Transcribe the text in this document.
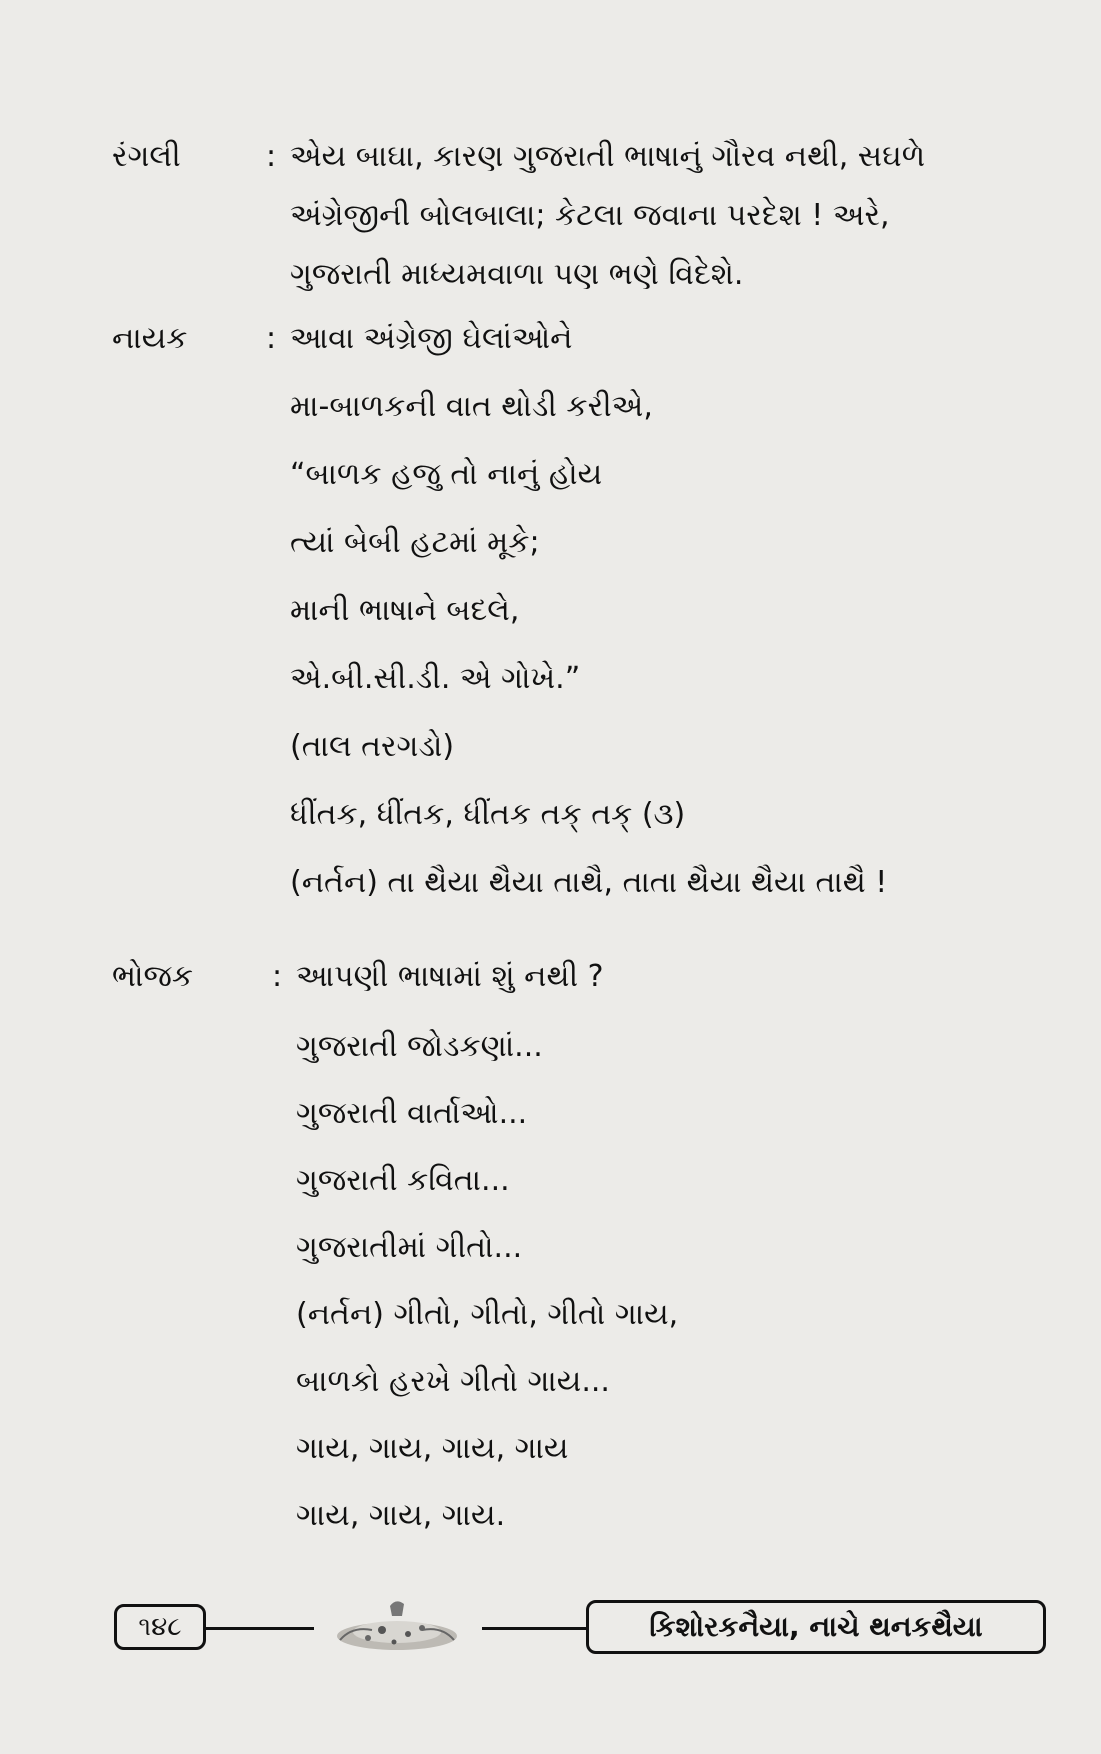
રંગલી	: એય બાઘા, કારણ ગુજરાતી ભાષાનું ગૌરવ નથી, સઘળે
અંગ્રેજીની બોલબાલા; કેટલા જવાના પરદેશ ! અરે,
ગુજરાતી માધ્યમવાળા પણ ભણે વિદેશે.
નાયક	: આવા અંગ્રેજી ઘેલાંઓને
મા-બાળકની વાત થોડી કરીએ,
“બાળક હજુ તો નાનું હોય
ત્યાં બેબી હટમાં મૂકે;
માની ભાષાને બદલે,
એ.બી.સી.ડી. એ ગોખે.”
(તાલ તરગડો)
ધીંતક, ધીંતક, ધીંતક તક્ તક્ (૩)
(નર્તન) તા થૈયા થૈયા તાથૈ, તાતા થૈયા થૈયા તાથૈ !
ભોજક	: આપણી ભાષામાં શું નથી ?
ગુજરાતી જોડકણાં...
ગુજરાતી વાર્તાઓ...
ગુજરાતી કવિતા...
ગુજરાતીમાં ગીતો...
(નર્તન) ગીતો, ગીતો, ગીતો ગાય,
બાળકો હરખે ગીતો ગાય...
ગાય, ગાય, ગાય, ગાય
ગાય, ગાય, ગાય.
૧૪૮	કિશોરકનૈયા, નાચે થનકથૈયા
